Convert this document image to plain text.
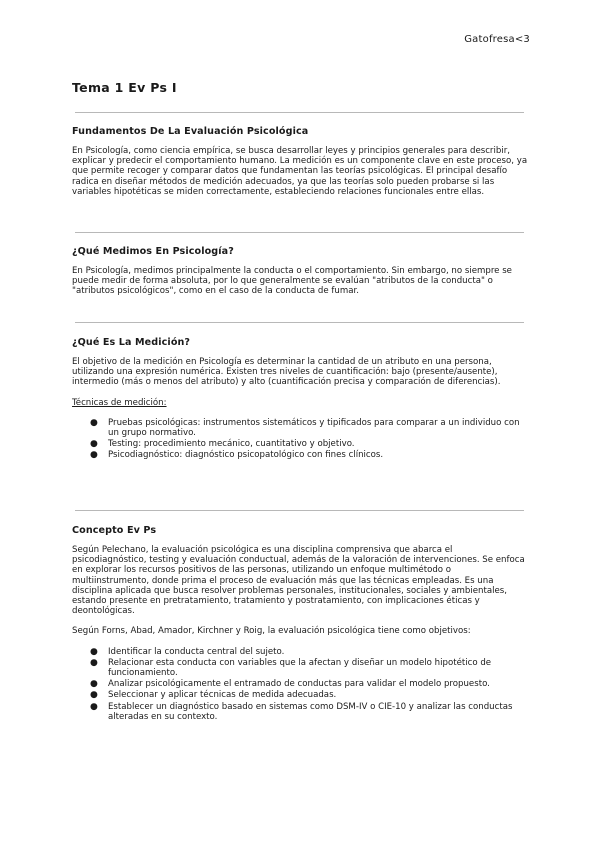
Gatofresa<3
Tema 1 Ev Ps I
Fundamentos De La Evaluación Psicológica

En Psicología, como ciencia empírica, se busca desarrollar leyes y principios generales para describir, explicar y predecir el comportamiento humano. La medición es un componente clave en este proceso, ya que permite recoger y comparar datos que fundamentan las teorías psicológicas. El principal desafío radica en diseñar métodos de medición adecuados, ya que las teorías solo pueden probarse si las variables hipotéticas se miden correctamente, estableciendo relaciones funcionales entre ellas.

¿Qué Medimos En Psicología?

En Psicología, medimos principalmente la conducta o el comportamiento. Sin embargo, no siempre se puede medir de forma absoluta, por lo que generalmente se evalúan "atributos de la conducta" o "atributos psicológicos", como en el caso de la conducta de fumar.

¿Qué Es La Medición?

El objetivo de la medición en Psicología es determinar la cantidad de un atributo en una persona, utilizando una expresión numérica. Existen tres niveles de cuantificación: bajo (presente/ausente), intermedio (más o menos del atributo) y alto (cuantificación precisa y comparación de diferencias).

Técnicas de medición:
● Pruebas psicológicas: instrumentos sistemáticos y tipificados para comparar a un individuo con un grupo normativo.
● Testing: procedimiento mecánico, cuantitativo y objetivo.
● Psicodiagnóstico: diagnóstico psicopatológico con fines clínicos.
Concepto Ev Ps

Según Pelechano, la evaluación psicológica es una disciplina comprensiva que abarca el psicodiagnóstico, testing y evaluación conductual, además de la valoración de intervenciones. Se enfoca en explorar los recursos positivos de las personas, utilizando un enfoque multimétodo o multiinstrumento, donde prima el proceso de evaluación más que las técnicas empleadas. Es una disciplina aplicada que busca resolver problemas personales, institucionales, sociales y ambientales, estando presente en pretratamiento, tratamiento y postratamiento, con implicaciones éticas y deontológicas.

Según Forns, Abad, Amador, Kirchner y Roig, la evaluación psicológica tiene como objetivos:

● Identificar la conducta central del sujeto.
● Relacionar esta conducta con variables que la afectan y diseñar un modelo hipotético de funcionamiento.
● Analizar psicológicamente el entramado de conductas para validar el modelo propuesto.
● Seleccionar y aplicar técnicas de medida adecuadas.
● Establecer un diagnóstico basado en sistemas como DSM-IV o CIE-10 y analizar las conductas alteradas en su contexto.
